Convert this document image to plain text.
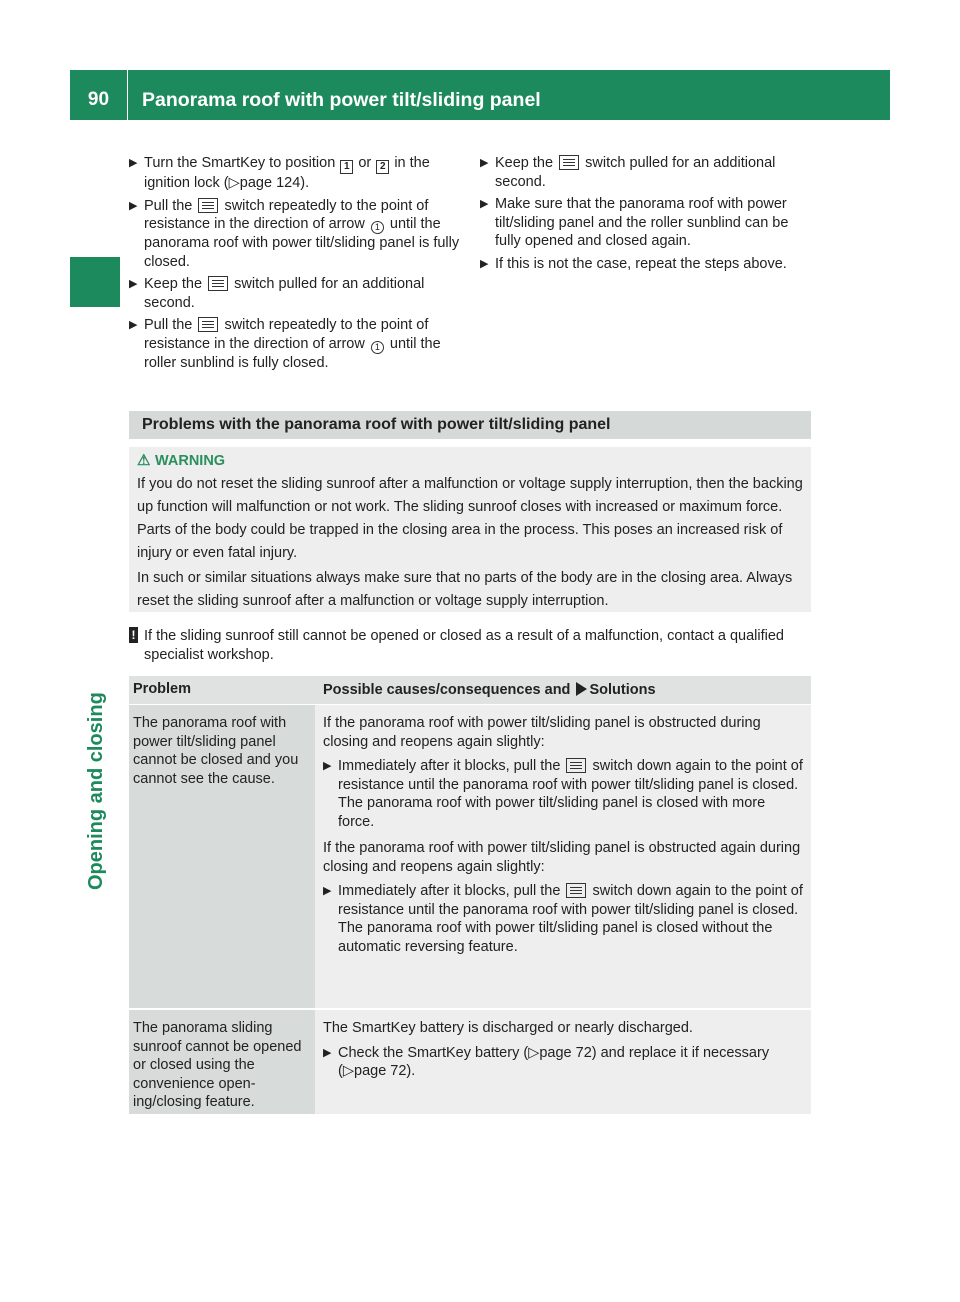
90	Panorama roof with power tilt/sliding panel
Opening and closing
▶ Turn the SmartKey to position 1 or 2 in the ignition lock (▷page 124).
▶ Pull the switch repeatedly to the point of resistance in the direction of arrow 1 until the panorama roof with power tilt/sliding panel is fully closed.
▶ Keep the switch pulled for an additional second.
▶ Pull the switch repeatedly to the point of resistance in the direction of arrow 1 until the roller sunblind is fully closed.
▶ Keep the switch pulled for an additional second.
▶ Make sure that the panorama roof with power tilt/sliding panel and the roller sunblind can be fully opened and closed again.
▶ If this is not the case, repeat the steps above.
Problems with the panorama roof with power tilt/sliding panel
⚠ WARNING

If you do not reset the sliding sunroof after a malfunction or voltage supply interruption, then the backing up function will malfunction or not work. The sliding sunroof closes with increased or maximum force. Parts of the body could be trapped in the closing area in the process. This poses an increased risk of injury or even fatal injury.

In such or similar situations always make sure that no parts of the body are in the closing area. Always reset the sliding sunroof after a malfunction or voltage supply interruption.

! If the sliding sunroof still cannot be opened or closed as a result of a malfunction, contact a qualified specialist workshop.
Problem	Possible causes/consequences and Solutions
The panorama roof with power tilt/sliding panel cannot be closed and you cannot see the cause.
If the panorama roof with power tilt/sliding panel is obstructed during closing and reopens again slightly:
▶ Immediately after it blocks, pull the switch down again to the point of resistance until the panorama roof with power tilt/sliding panel is closed.
The panorama roof with power tilt/sliding panel is closed with more force.
If the panorama roof with power tilt/sliding panel is obstructed again during closing and reopens again slightly:
▶ Immediately after it blocks, pull the switch down again to the point of resistance until the panorama roof with power tilt/sliding panel is closed.
The panorama roof with power tilt/sliding panel is closed without the automatic reversing feature.
The panorama sliding sunroof cannot be opened or closed using the convenience open-ing/closing feature.
The SmartKey battery is discharged or nearly discharged.
▶ Check the SmartKey battery (▷page 72) and replace it if necessary (▷page 72).
